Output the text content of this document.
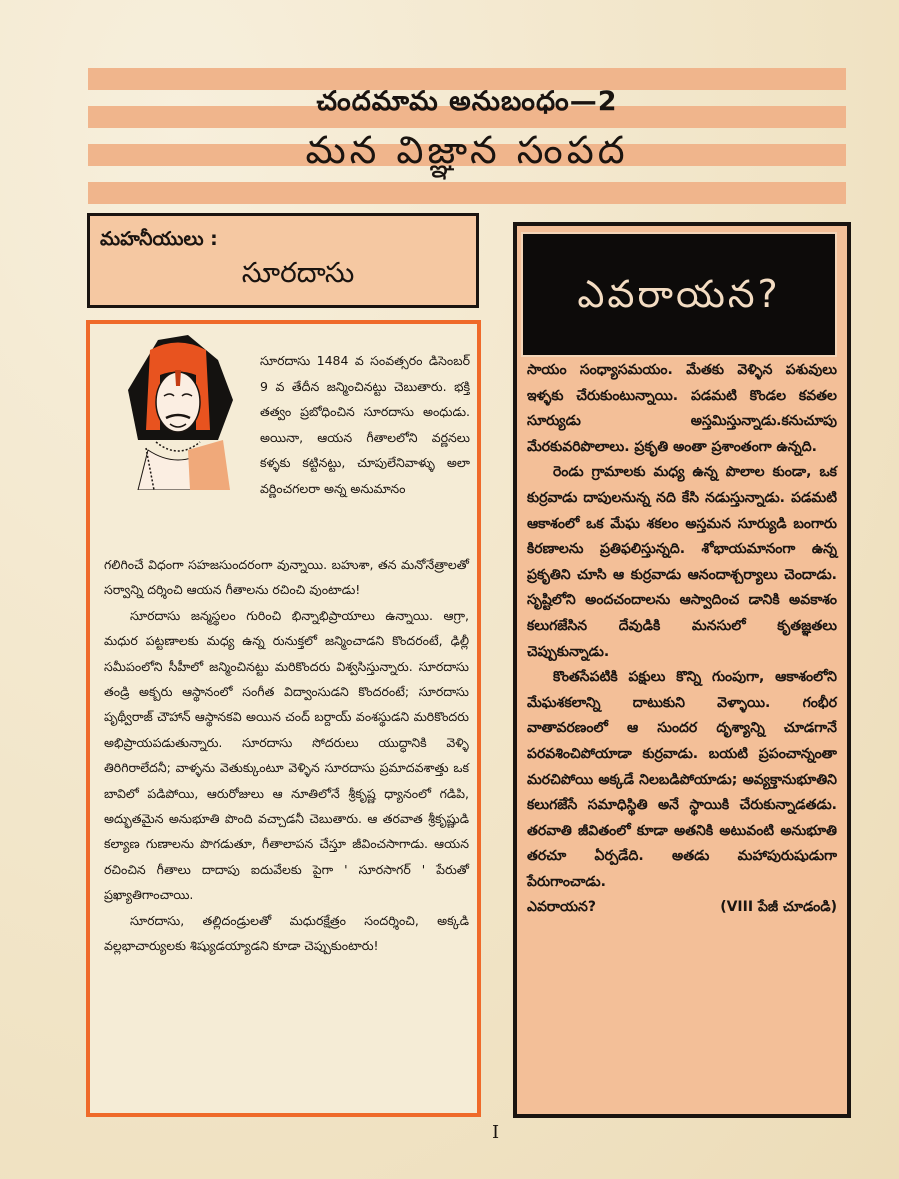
చందమామ అనుబంధం—2
మన విజ్ఞాన సంపద
మహనీయులు :
సూరదాసు
సూరదాసు 1484 వ సంవత్సరం డిసెంబర్ 9 వ తేదీన జన్మించినట్టు చెబుతారు. భక్తి తత్వం ప్రబోధించిన సూరదాసు అంధుడు. అయినా, ఆయన గీతాలలోని వర్ణనలు కళ్ళకు కట్టినట్టు, చూపులేనివాళ్ళు అలా వర్ణించగలరా అన్న అనుమానం

గలిగించే విధంగా సహజసుందరంగా వున్నాయి. బహుశా, తన మనోనేత్రాలతో సర్వాన్ని దర్శించి ఆయన గీతాలను రచించి వుంటాడు!

సూరదాసు జన్మస్థలం గురించి భిన్నాభిప్రాయాలు ఉన్నాయి. ఆగ్రా, మధుర పట్టణాలకు మధ్య ఉన్న రునుక్తలో జన్మించాడని కొందరంటే, ఢిల్లీ సమీపంలోని సీహీలో జన్మించినట్టు మరికొందరు విశ్వసిస్తున్నారు. సూరదాసు తండ్రి అక్బరు ఆస్థానంలో సంగీత విద్వాంసుడని కొందరంటే; సూరదాసు పృథ్వీరాజ్ చౌహాన్ ఆస్థానకవి అయిన చంద్ బర్దాయ్ వంశస్థుడని మరికొందరు అభిప్రాయపడుతున్నారు. సూరదాసు సోదరులు యుద్ధానికి వెళ్ళి తిరిగిరాలేదనీ; వాళ్ళను వెతుక్కుంటూ వెళ్ళిన సూరదాసు ప్రమాదవశాత్తు ఒక బావిలో పడిపోయి, ఆరురోజులు ఆ నూతిలోనే శ్రీకృష్ణ ధ్యానంలో గడిపి, అద్భుతమైన అనుభూతి పొంది వచ్చాడనీ చెబుతారు. ఆ తరవాత శ్రీకృష్ణుడి కల్యాణ గుణాలను పొగడుతూ, గీతాలాపన చేస్తూ జీవించసాగాడు. ఆయన రచించిన గీతాలు దాదాపు ఐదువేలకు పైగా ' సూరసాగర్ ' పేరుతో ప్రఖ్యాతిగాంచాయి.

సూరదాసు, తల్లిదండ్రులతో మధురక్షేత్రం సందర్శించి, అక్కడి వల్లభాచార్యులకు శిష్యుడయ్యాడని కూడా చెప్పుకుంటారు!

ఎవరాయన?

సాయం సంధ్యాసమయం. మేతకు వెళ్ళిన పశువులు ఇళ్ళకు చేరుకుంటున్నాయి. పడమటి కొండల కవతల సూర్యుడు అస్తమిస్తున్నాడు.కనుచూపు మేరకువరిపొలాలు. ప్రకృతి అంతా ప్రశాంతంగా ఉన్నది.

రెండు గ్రామాలకు మధ్య ఉన్న పొలాల కుండా, ఒక కుర్రవాడు దాపులనున్న నది కేసి నడుస్తున్నాడు. పడమటి ఆకాశంలో ఒక మేఘ శకలం అస్తమన సూర్యుడి బంగారు కిరణాలను ప్రతిఫలిస్తున్నది. శోభాయమానంగా ఉన్న ప్రకృతిని చూసి ఆ కుర్రవాడు ఆనందాశ్చర్యాలు చెందాడు. సృష్టిలోని అందచందాలను ఆస్వాదించ డానికి అవకాశం కలుగజేసిన దేవుడికి మనసులో కృతజ్ఞతలు చెప్పుకున్నాడు.

కొంతసేపటికి పక్షులు కొన్ని గుంపుగా, ఆకాశంలోని మేఘశకలాన్ని దాటుకుని వెళ్ళాయి. గంభీర వాతావరణంలో ఆ సుందర దృశ్యాన్ని చూడగానే పరవశించిపోయాడా కుర్రవాడు. బయటి ప్రపంచాన్నంతా మరచిపోయి అక్కడే నిలబడిపోయాడు; అవ్యక్తానుభూతిని కలుగజేసే సమాధిస్థితి అనే స్థాయికి చేరుకున్నాడతడు. తరవాతి జీవితంలో కూడా అతనికి అటువంటి అనుభూతి తరచూ ఏర్పడేది. అతడు మహాపురుషుడుగా పేరుగాంచాడు.

ఎవరాయన?	(VIII పేజీ చూడండి)
I
